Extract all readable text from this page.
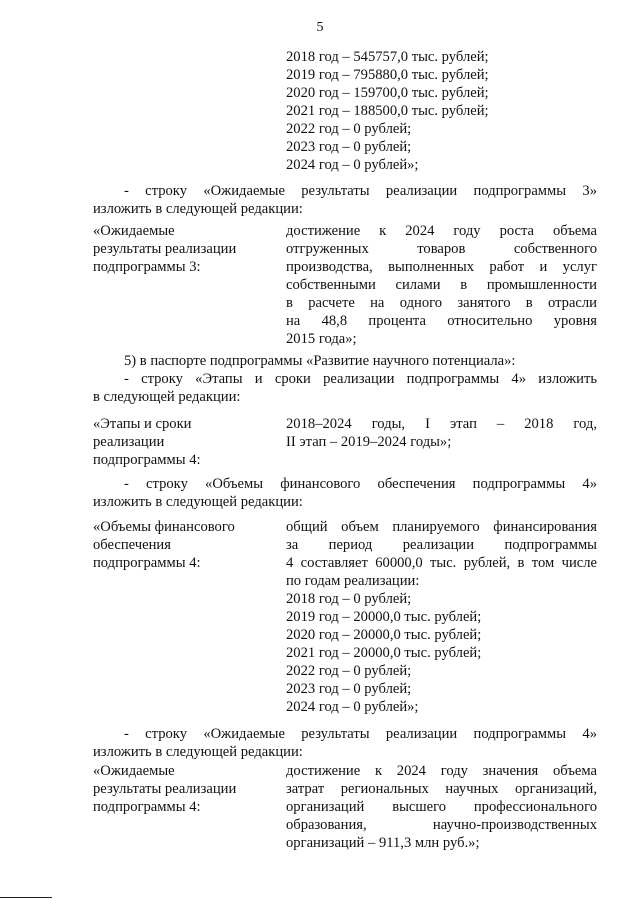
5
2018 год – 545757,0 тыс. рублей;
2019 год – 795880,0 тыс. рублей;
2020 год – 159700,0 тыс. рублей;
2021 год – 188500,0 тыс. рублей;
2022 год – 0 рублей;
2023 год – 0 рублей;
2024 год – 0 рублей»;
- строку «Ожидаемые результаты реализации подпрограммы 3»
изложить в следующей редакции:
«Ожидаемые
результаты реализации
подпрограммы 3:
достижение к 2024 году роста объема
отгруженных товаров собственного
производства, выполненных работ и услуг
собственными силами в промышленности
в расчете на одного занятого в отрасли
на 48,8 процента относительно уровня
2015 года»;
5) в паспорте подпрограммы «Развитие научного потенциала»:
- строку «Этапы и сроки реализации подпрограммы 4» изложить
в следующей редакции:
«Этапы и сроки
реализации
подпрограммы 4:
2018–2024 годы, I этап – 2018 год,
II этап – 2019–2024 годы»;
- строку «Объемы финансового обеспечения подпрограммы 4»
изложить в следующей редакции:
«Объемы финансового
обеспечения
подпрограммы 4:
общий объем планируемого финансирования
за период реализации подпрограммы
4 составляет 60000,0 тыс. рублей, в том числе
по годам реализации:
2018 год – 0 рублей;
2019 год – 20000,0 тыс. рублей;
2020 год – 20000,0 тыс. рублей;
2021 год – 20000,0 тыс. рублей;
2022 год – 0 рублей;
2023 год – 0 рублей;
2024 год – 0 рублей»;
- строку «Ожидаемые результаты реализации подпрограммы 4»
изложить в следующей редакции:
«Ожидаемые
результаты реализации
подпрограммы 4:
достижение к 2024 году значения объема
затрат региональных научных организаций,
организаций высшего профессионального
образования, научно-производственных
организаций – 911,3 млн руб.»;
